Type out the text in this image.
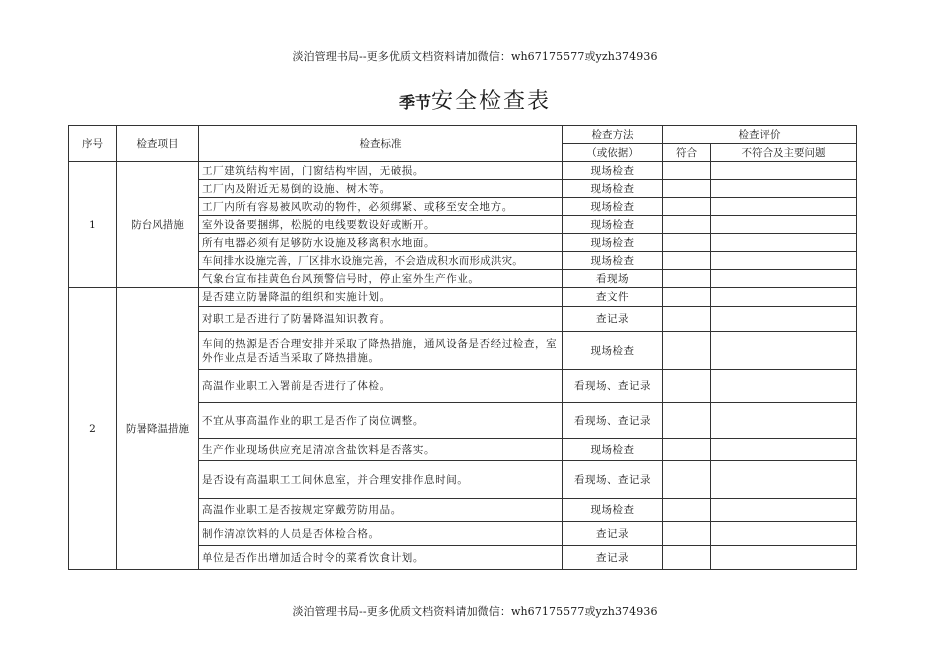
淡泊管理书局--更多优质文档资料请加微信：wh67175577或yzh374936
季节安全检查表
序号	检查项目	检查标准	检查方法	检查评价	
			（或依据）	符合	不符合及主要问题
1	防台风措施	工厂建筑结构牢固，门窗结构牢固，无破损。	现场检查		
		工厂内及附近无易倒的设施、树木等。	现场检查		
		工厂内所有容易被风吹动的物件，必须绑紧、或移至安全地方。	现场检查		
		室外设备要捆绑，松脱的电线要数设好或断开。	现场检查		
		所有电器必须有足够防水设施及移离积水地面。	现场检查		
		车间排水设施完善，厂区排水设施完善，不会造成积水而形成洪灾。	现场检查		
		气象台宣布挂黄色台风预警信号时，停止室外生产作业。	看现场		
2	防暑降温措施	是否建立防暑降温的组织和实施计划。	查文件		
		对职工是否进行了防暑降温知识教育。	查记录		
		车间的热源是否合理安排并采取了降热措施，通风设备是否经过检查，室外作业点是否适当采取了降热措施。	现场检查		
		高温作业职工入署前是否进行了体检。	看现场、查记录		
		不宜从事高温作业的职工是否作了岗位调整。	看现场、查记录		
		生产作业现场供应充足清凉含盐饮料是否落实。	现场检查		
		是否设有高温职工工间休息室，并合理安排作息时间。	看现场、查记录		
		高温作业职工是否按规定穿戴劳防用品。	现场检查		
		制作清凉饮料的人员是否体检合格。	查记录		
		单位是否作出增加适合时令的菜肴饮食计划。	查记录		
淡泊管理书局--更多优质文档资料请加微信：wh67175577或yzh374936
